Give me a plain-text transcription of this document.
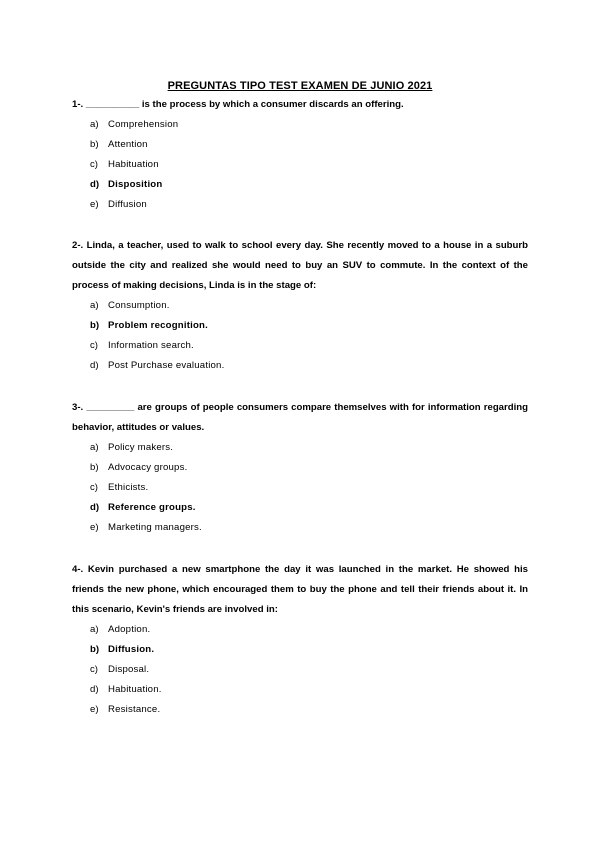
PREGUNTAS TIPO TEST EXAMEN DE JUNIO 2021

1-. __________ is the process by which a consumer discards an offering.

a) Comprehension
b) Attention
c) Habituation
d) Disposition
e) Diffusion

2-. Linda, a teacher, used to walk to school every day. She recently moved to a house in a suburb outside the city and realized she would need to buy an SUV to commute. In the context of the process of making decisions, Linda is in the stage of:

a) Consumption.
b) Problem recognition.
c) Information search.
d) Post Purchase evaluation.

3-. _________ are groups of people consumers compare themselves with for information regarding behavior, attitudes or values.

a) Policy makers.
b) Advocacy groups.
c) Ethicists.
d) Reference groups.
e) Marketing managers.

4-. Kevin purchased a new smartphone the day it was launched in the market. He showed his friends the new phone, which encouraged them to buy the phone and tell their friends about it. In this scenario, Kevin's friends are involved in:

a) Adoption.
b) Diffusion.
c) Disposal.
d) Habituation.
e) Resistance.
